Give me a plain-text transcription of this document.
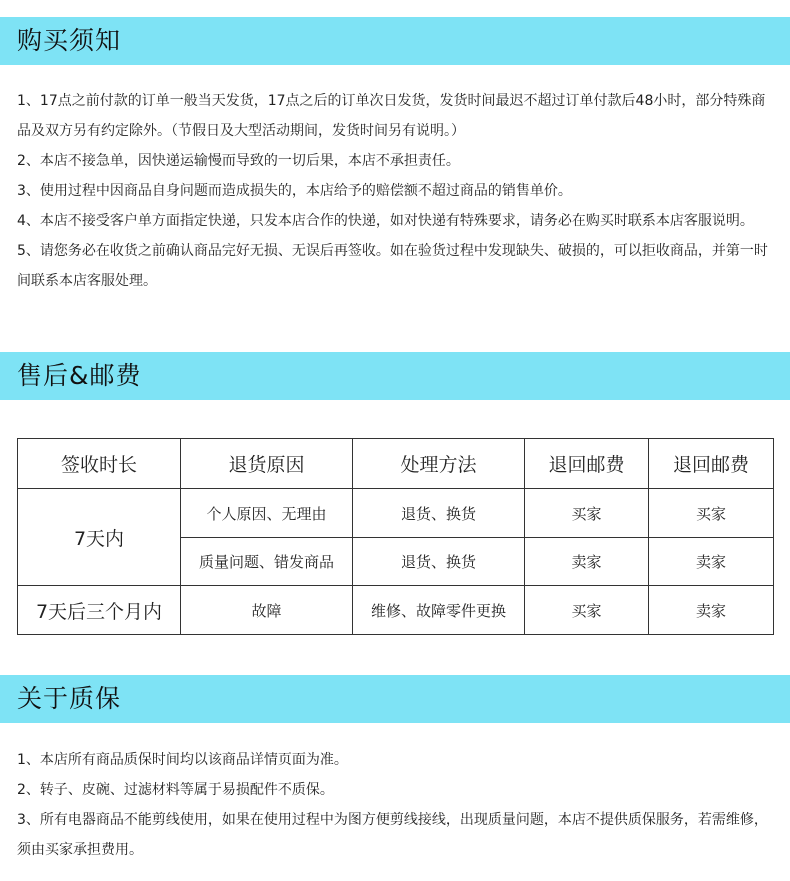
购买须知

1、17点之前付款的订单一般当天发货，17点之后的订单次日发货，发货时间最迟不超过订单付款后48小时，部分特殊商品及双方另有约定除外。（节假日及大型活动期间，发货时间另有说明。）

2、本店不接急单，因快递运输慢而导致的一切后果，本店不承担责任。

3、使用过程中因商品自身问题而造成损失的，本店给予的赔偿额不超过商品的销售单价。

4、本店不接受客户单方面指定快递，只发本店合作的快递，如对快递有特殊要求，请务必在购买时联系本店客服说明。

5、请您务必在收货之前确认商品完好无损、无误后再签收。如在验货过程中发现缺失、破损的，可以拒收商品，并第一时间联系本店客服处理。

售后&邮费
签收时长	退货原因	处理方法	退回邮费	退回邮费
7天内	个人原因、无理由	退货、换货	买家	买家
	质量问题、错发商品	退货、换货	卖家	卖家
7天后三个月内	故障	维修、故障零件更换	买家	卖家
关于质保

1、本店所有商品质保时间均以该商品详情页面为准。

2、转子、皮碗、过滤材料等属于易损配件不质保。

3、所有电器商品不能剪线使用，如果在使用过程中为图方便剪线接线，出现质量问题，本店不提供质保服务，若需维修，须由买家承担费用。
